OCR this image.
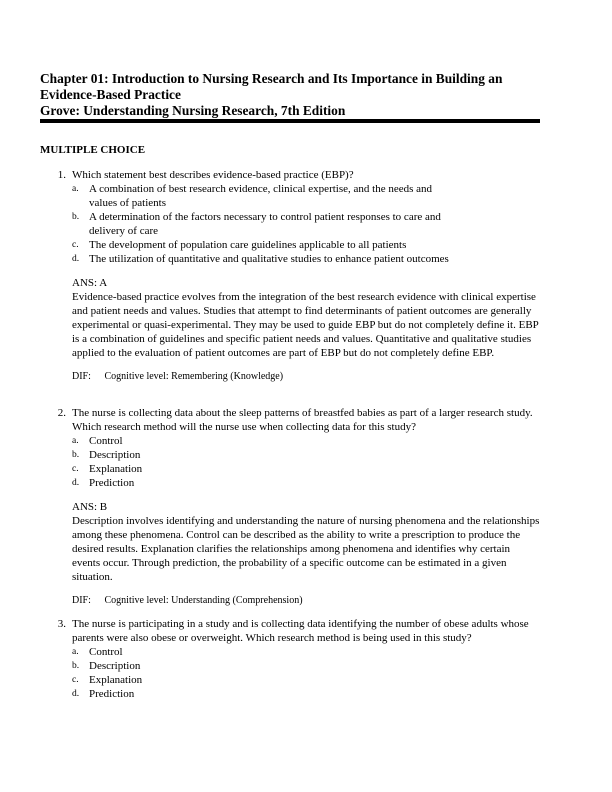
Chapter 01: Introduction to Nursing Research and Its Importance in Building an
Evidence-Based Practice
Grove: Understanding Nursing Research, 7th Edition
MULTIPLE CHOICE
1. Which statement best describes evidence-based practice (EBP)?
a. A combination of best research evidence, clinical expertise, and the needs and
values of patients
b. A determination of the factors necessary to control patient responses to care and
delivery of care
c. The development of population care guidelines applicable to all patients
d. The utilization of quantitative and qualitative studies to enhance patient outcomes
ANS: A
Evidence-based practice evolves from the integration of the best research evidence with clinical expertise and patient needs and values. Studies that attempt to find determinants of patient outcomes are generally experimental or quasi-experimental. They may be used to guide EBP but do not completely define it. EBP is a combination of guidelines and specific patient needs and values. Quantitative and qualitative studies applied to the evaluation of patient outcomes are part of EBP but do not completely define EBP.
DIF: Cognitive level: Remembering (Knowledge)
2. The nurse is collecting data about the sleep patterns of breastfed babies as part of a larger research study. Which research method will the nurse use when collecting data for this study?
a. Control
b. Description
c. Explanation
d. Prediction
ANS: B
Description involves identifying and understanding the nature of nursing phenomena and the relationships among these phenomena. Control can be described as the ability to write a prescription to produce the desired results. Explanation clarifies the relationships among phenomena and identifies why certain events occur. Through prediction, the probability of a specific outcome can be estimated in a given situation.
DIF: Cognitive level: Understanding (Comprehension)
3. The nurse is participating in a study and is collecting data identifying the number of obese adults whose parents were also obese or overweight. Which research method is being used in this study?
a. Control
b. Description
c. Explanation
d. Prediction
